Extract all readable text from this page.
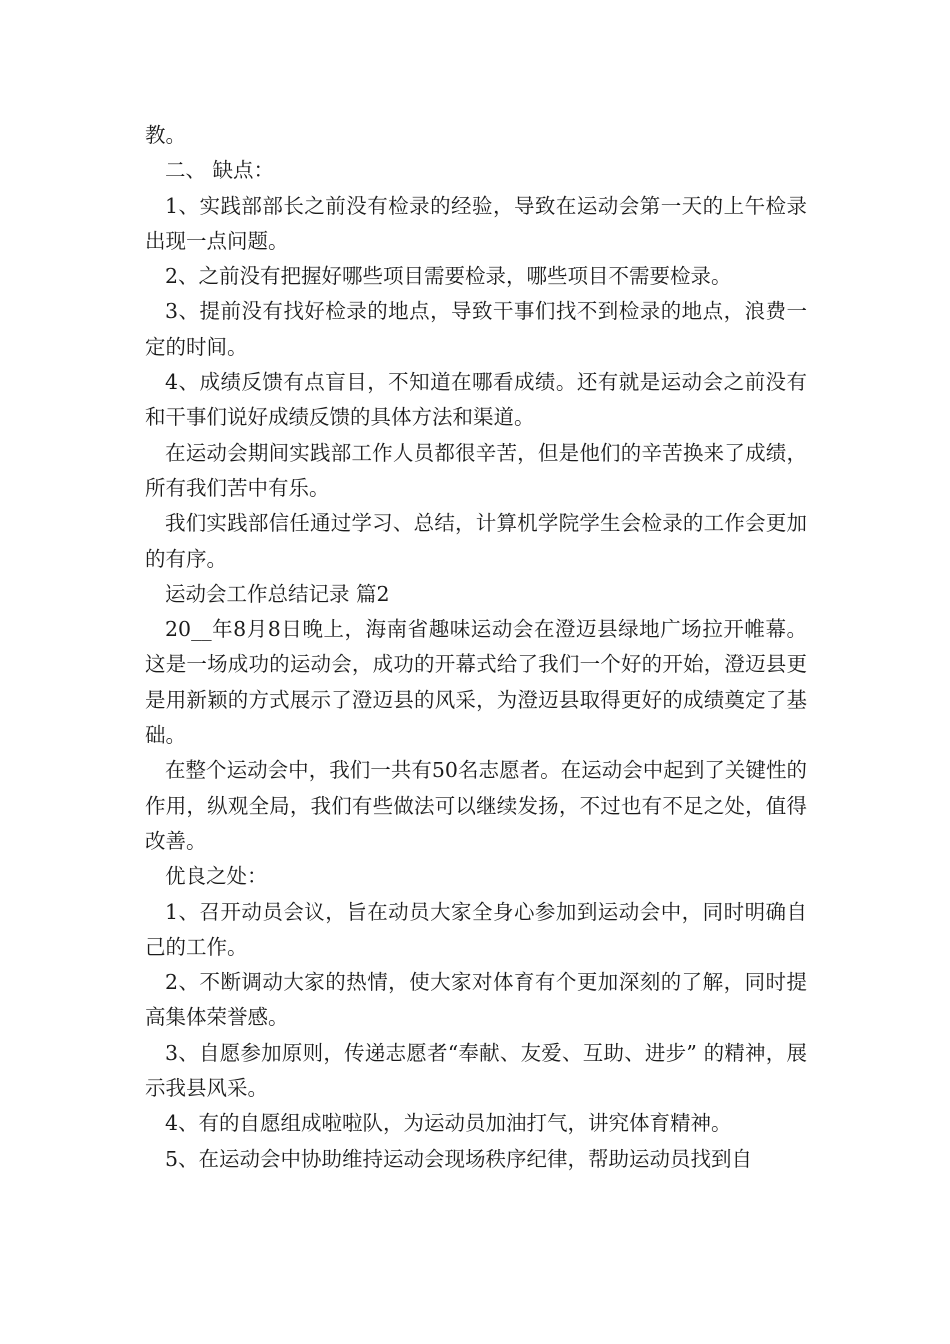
教。

二、 缺点：

1、实践部部长之前没有检录的经验，导致在运动会第一天的上午检录出现一点问题。

2、之前没有把握好哪些项目需要检录，哪些项目不需要检录。

3、提前没有找好检录的地点，导致干事们找不到检录的地点，浪费一定的时间。

4、成绩反馈有点盲目，不知道在哪看成绩。还有就是运动会之前没有和干事们说好成绩反馈的具体方法和渠道。

在运动会期间实践部工作人员都很辛苦，但是他们的辛苦换来了成绩，所有我们苦中有乐。

我们实践部信任通过学习、总结，计算机学院学生会检录的工作会更加的有序。

运动会工作总结记录 篇2

20__年8月8日晚上，海南省趣味运动会在澄迈县绿地广场拉开帷幕。这是一场成功的运动会，成功的开幕式给了我们一个好的开始，澄迈县更是用新颖的方式展示了澄迈县的风采，为澄迈县取得更好的成绩奠定了基础。

在整个运动会中，我们一共有50名志愿者。在运动会中起到了关键性的作用，纵观全局，我们有些做法可以继续发扬，不过也有不足之处，值得改善。

优良之处：

1、召开动员会议，旨在动员大家全身心参加到运动会中，同时明确自己的工作。

2、不断调动大家的热情，使大家对体育有个更加深刻的了解，同时提高集体荣誉感。

3、自愿参加原则，传递志愿者“奉献、友爱、互助、进步” 的精神，展示我县风采。

4、有的自愿组成啦啦队，为运动员加油打气，讲究体育精神。

5、在运动会中协助维持运动会现场秩序纪律，帮助运动员找到自
